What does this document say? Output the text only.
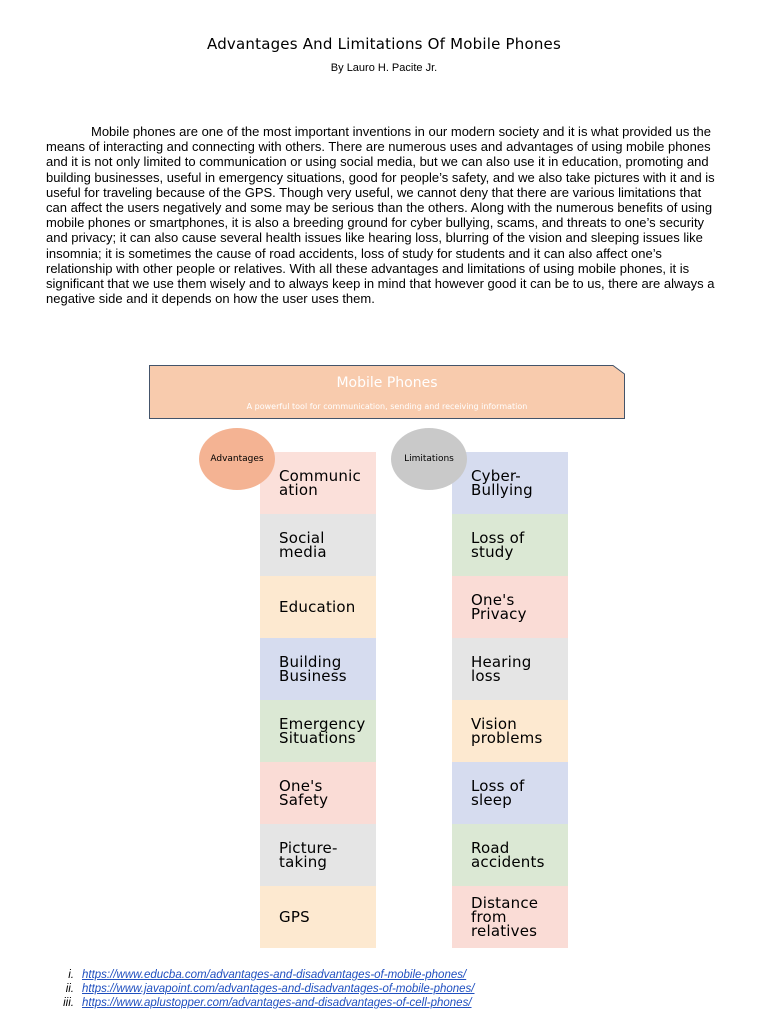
Advantages And Limitations Of Mobile Phones
By Lauro H. Pacite Jr.

Mobile phones are one of the most important inventions in our modern society and it is what provided us the means of interacting and connecting with others. There are numerous uses and advantages of using mobile phones and it is not only limited to communication or using social media, but we can also use it in education, promoting and building businesses, useful in emergency situations, good for people’s safety, and we also take pictures with it and is useful for traveling because of the GPS. Though very useful, we cannot deny that there are various limitations that can affect the users negatively and some may be serious than the others. Along with the numerous benefits of using mobile phones or smartphones, it is also a breeding ground for cyber bullying, scams, and threats to one’s security and privacy; it can also cause several health issues like hearing loss, blurring of the vision and sleeping issues like insomnia; it is sometimes the cause of road accidents, loss of study for students and it can also affect one’s relationship with other people or relatives. With all these advantages and limitations of using mobile phones, it is significant that we use them wisely and to always keep in mind that however good it can be to us, there are always a negative side and it depends on how the user uses them.

Mobile Phones
A powerful tool for communication, sending and receiving information
Advantages	Limitations
Communication
Social media
Education
Building Business
Emergency Situations
One's Safety
Picture-taking
GPS
Cyber-Bullying
Loss of study
One's Privacy
Hearing loss
Vision problems
Loss of sleep
Road accidents
Distance from relatives
i. https://www.educba.com/advantages-and-disadvantages-of-mobile-phones/
ii. https://www.javapoint.com/advantages-and-disadvantages-of-mobile-phones/
iii. https://www.aplustopper.com/advantages-and-disadvantages-of-cell-phones/
